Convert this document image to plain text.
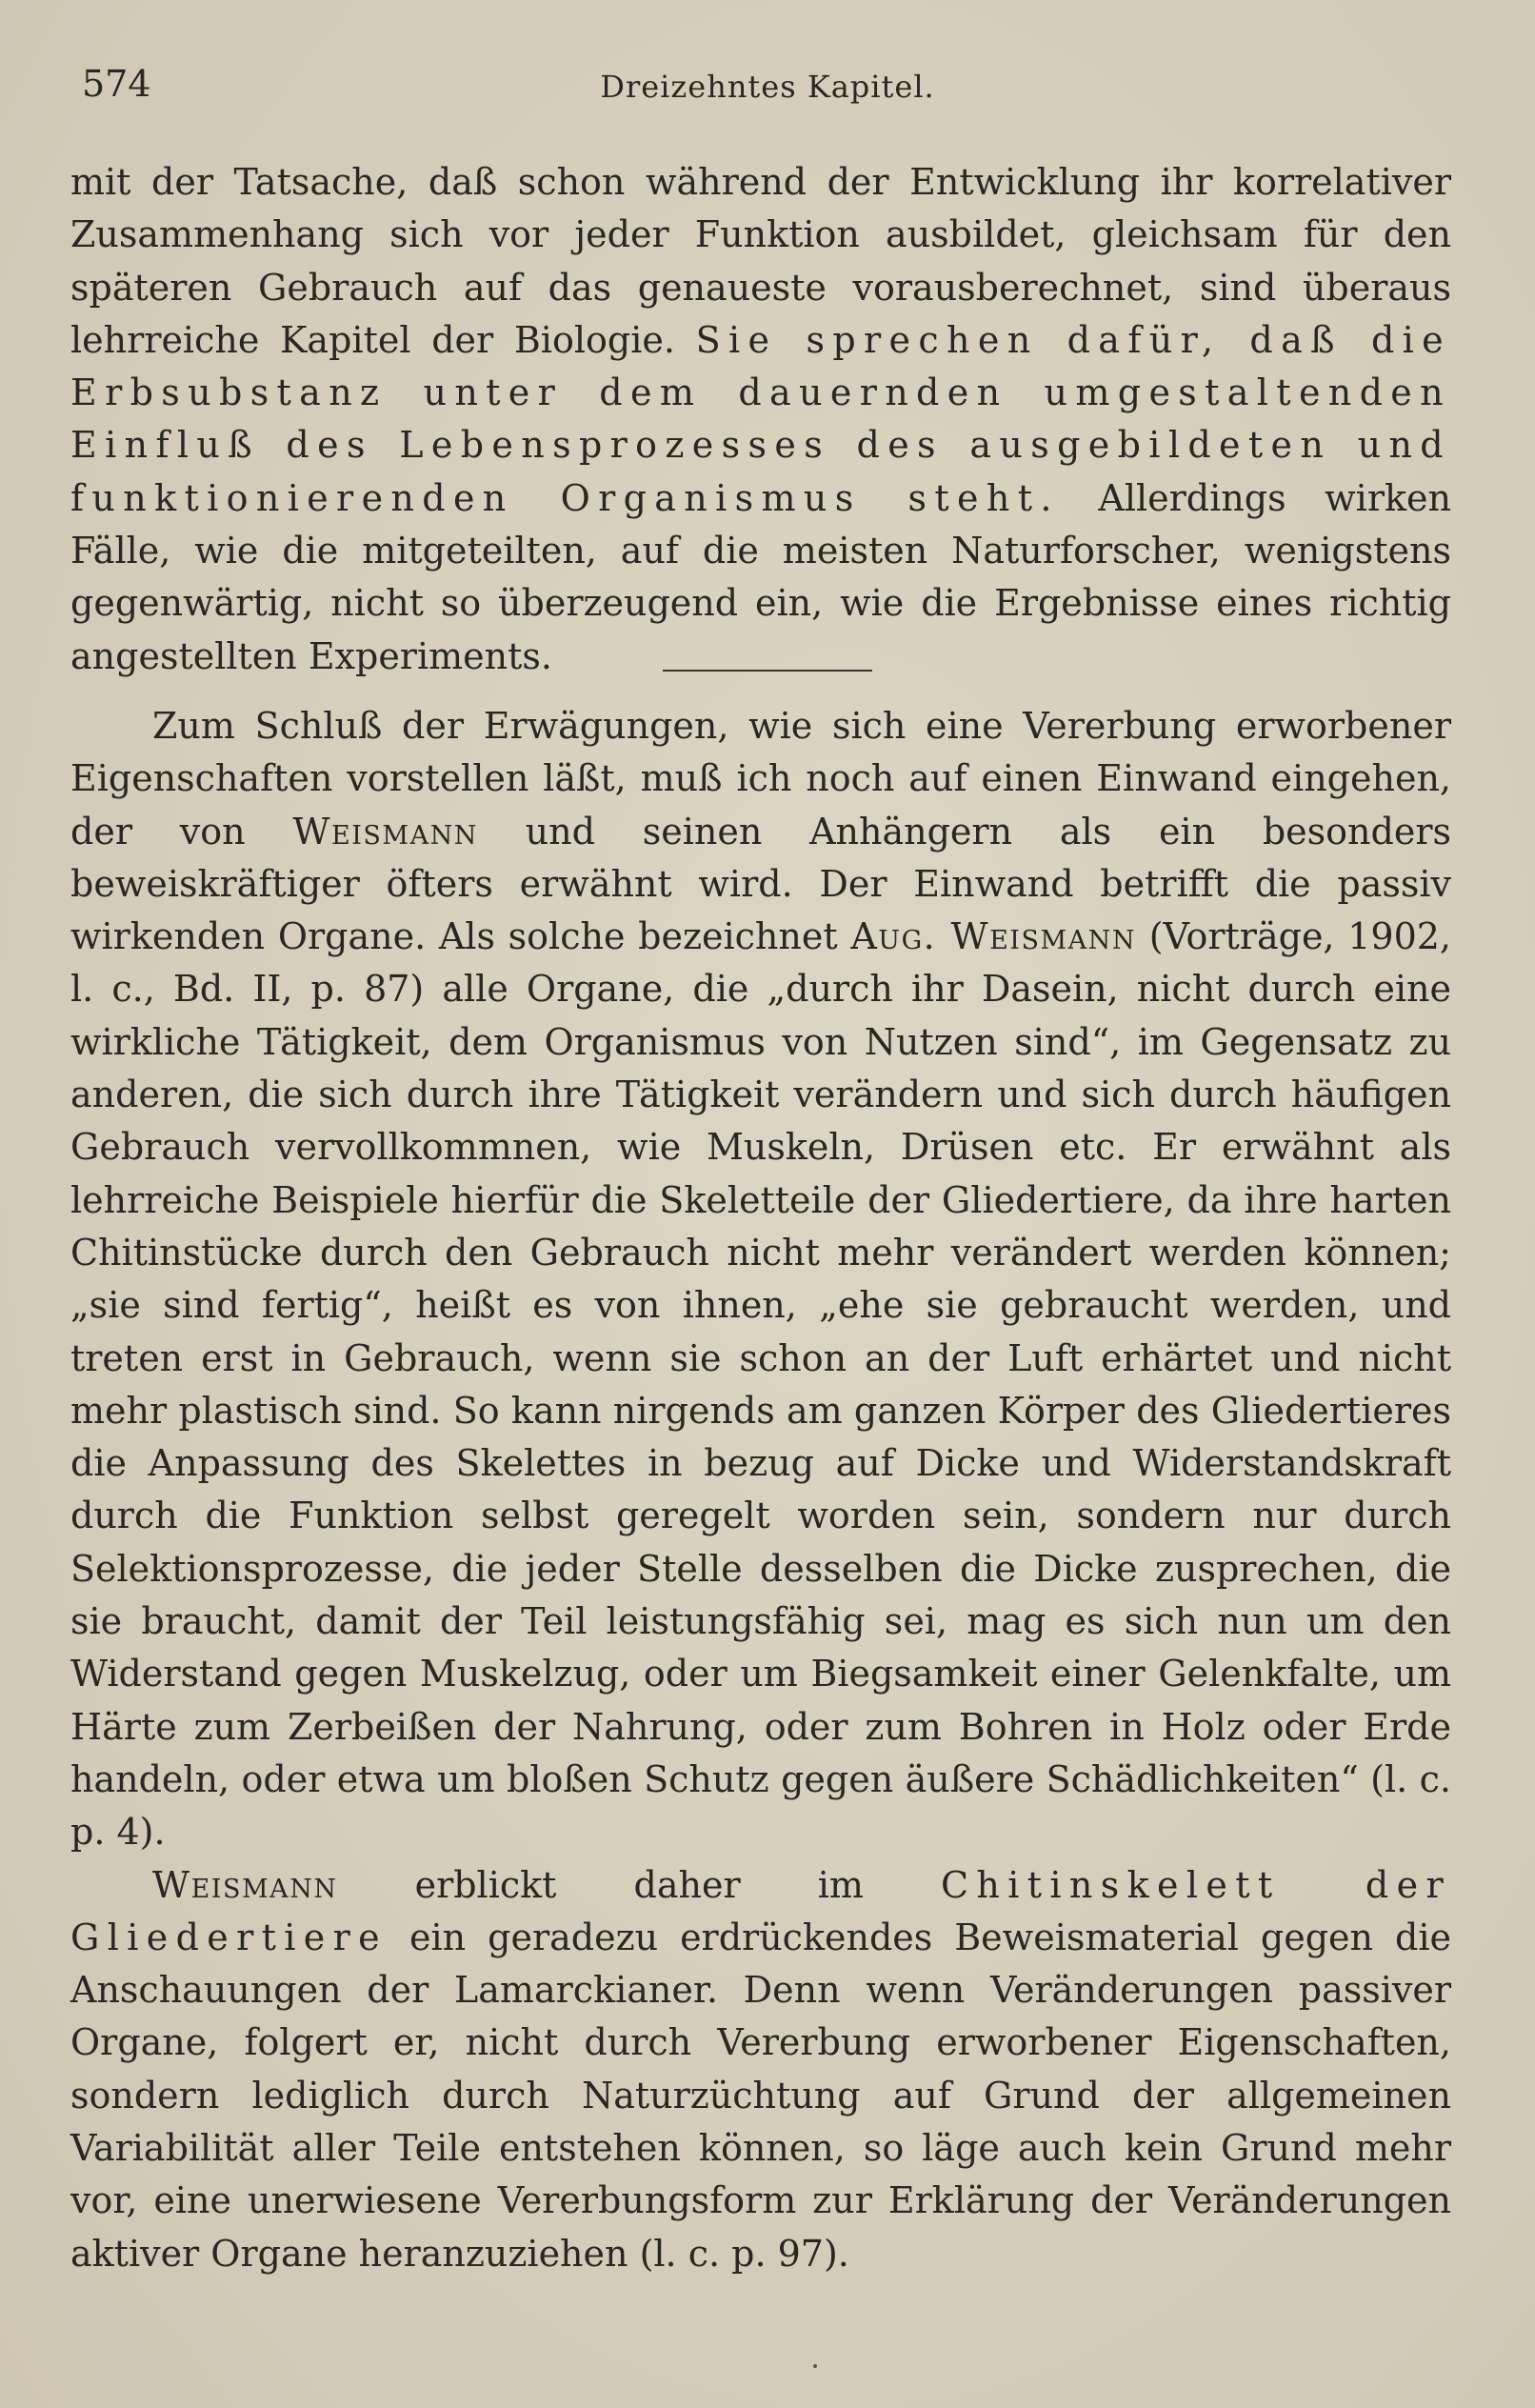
574	Dreizehntes Kapitel.

mit der Tatsache, daß schon während der Entwicklung ihr korrelativer Zusammenhang sich vor jeder Funktion ausbildet, gleichsam für den späteren Gebrauch auf das genaueste vorausberechnet, sind überaus lehrreiche Kapitel der Biologie. Sie sprechen dafür, daß die Erbsubstanz unter dem dauernden umgestaltenden Einfluß des Lebensprozesses des ausgebildeten und funktionierenden Organismus steht. Allerdings wirken Fälle, wie die mitgeteilten, auf die meisten Naturforscher, wenigstens gegenwärtig, nicht so überzeugend ein, wie die Ergebnisse eines richtig angestellten Experiments.

Zum Schluß der Erwägungen, wie sich eine Vererbung erworbener Eigenschaften vorstellen läßt, muß ich noch auf einen Einwand eingehen, der von Weismann und seinen Anhängern als ein besonders beweiskräftiger öfters erwähnt wird. Der Einwand betrifft die passiv wirkenden Organe. Als solche bezeichnet Aug. Weismann (Vorträge, 1902, l. c., Bd. II, p. 87) alle Organe, die „durch ihr Dasein, nicht durch eine wirkliche Tätigkeit, dem Organismus von Nutzen sind“, im Gegensatz zu anderen, die sich durch ihre Tätigkeit verändern und sich durch häufigen Gebrauch vervollkommnen, wie Muskeln, Drüsen etc. Er erwähnt als lehrreiche Beispiele hierfür die Skeletteile der Gliedertiere, da ihre harten Chitinstücke durch den Gebrauch nicht mehr verändert werden können; „sie sind fertig“, heißt es von ihnen, „ehe sie gebraucht werden, und treten erst in Gebrauch, wenn sie schon an der Luft erhärtet und nicht mehr plastisch sind. So kann nirgends am ganzen Körper des Gliedertieres die Anpassung des Skelettes in bezug auf Dicke und Widerstandskraft durch die Funktion selbst geregelt worden sein, sondern nur durch Selektionsprozesse, die jeder Stelle desselben die Dicke zusprechen, die sie braucht, damit der Teil leistungsfähig sei, mag es sich nun um den Widerstand gegen Muskelzug, oder um Biegsamkeit einer Gelenkfalte, um Härte zum Zerbeißen der Nahrung, oder zum Bohren in Holz oder Erde handeln, oder etwa um bloßen Schutz gegen äußere Schädlichkeiten“ (l. c. p. 4).

Weismann erblickt daher im Chitinskelett der Gliedertiere ein geradezu erdrückendes Beweismaterial gegen die Anschauungen der Lamarckianer. Denn wenn Veränderungen passiver Organe, folgert er, nicht durch Vererbung erworbener Eigenschaften, sondern lediglich durch Naturzüchtung auf Grund der allgemeinen Variabilität aller Teile entstehen können, so läge auch kein Grund mehr vor, eine unerwiesene Vererbungsform zur Erklärung der Veränderungen aktiver Organe heranzuziehen (l. c. p. 97).
